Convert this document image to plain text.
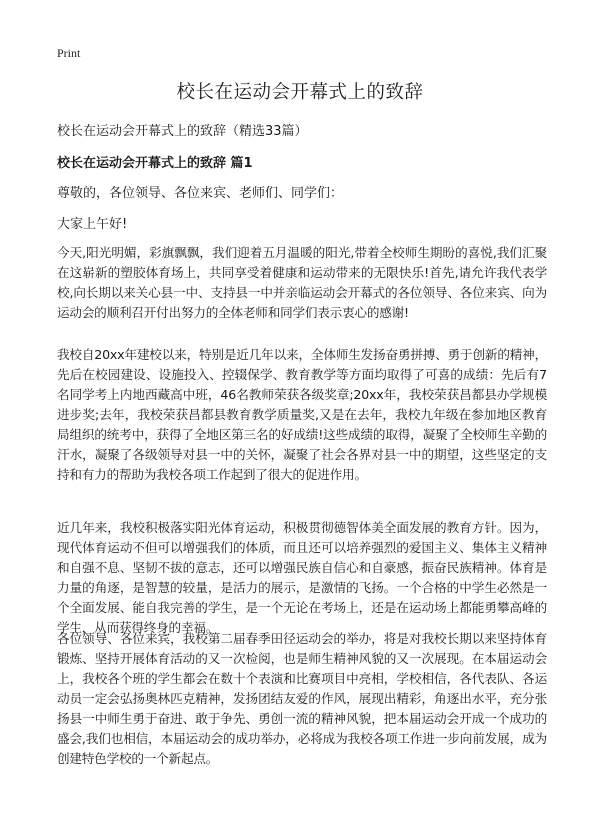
Print
校长在运动会开幕式上的致辞

校长在运动会开幕式上的致辞（精选33篇）

校长在运动会开幕式上的致辞 篇1

尊敬的，各位领导、各位来宾、老师们、同学们：

大家上午好!

今天,阳光明媚，彩旗飘飘，我们迎着五月温暖的阳光,带着全校师生期盼的喜悦,我们汇聚在这崭新的塑胶体育场上，共同享受着健康和运动带来的无限快乐!首先,请允许我代表学校,向长期以来关心县一中、支持县一中并亲临运动会开幕式的各位领导、各位来宾、向为运动会的顺利召开付出努力的全体老师和同学们表示衷心的感谢!

我校自20xx年建校以来，特别是近几年以来，全体师生发扬奋勇拼搏、勇于创新的精神，先后在校园建设、设施投入、控辍保学、教育教学等方面均取得了可喜的成绩：先后有7名同学考上内地西藏高中班，46名教师荣获各级奖章;20xx年，我校荣获昌都县办学规模进步奖;去年，我校荣获昌都县教育教学质量奖,又是在去年，我校九年级在参加地区教育局组织的统考中，获得了全地区第三名的好成绩!这些成绩的取得，凝聚了全校师生辛勤的汗水，凝聚了各级领导对县一中的关怀，凝聚了社会各界对县一中的期望，这些坚定的支持和有力的帮助为我校各项工作起到了很大的促进作用。

近几年来，我校积极落实阳光体育运动，积极贯彻德智体美全面发展的教育方针。因为，现代体育运动不但可以增强我们的体质，而且还可以培养强烈的爱国主义、集体主义精神和自强不息、坚韧不拔的意志，还可以增强民族自信心和自豪感，振奋民族精神。体育是力量的角逐，是智慧的较量，是活力的展示，是激情的飞扬。一个合格的中学生必然是一个全面发展、能自我完善的学生，是一个无论在考场上，还是在运动场上都能勇攀高峰的学生，从而获得终身的幸福。

各位领导、各位来宾，我校第二届春季田径运动会的举办，将是对我校长期以来坚持体育锻炼、坚持开展体育活动的又一次检阅，也是师生精神风貌的又一次展现。在本届运动会上，我校各个班的学生都会在数十个表演和比赛项目中亮相，学校相信，各代表队、各运动员一定会弘扬奥林匹克精神，发扬团结友爱的作风，展现出精彩，角逐出水平，充分张扬县一中师生勇于奋进、敢于争先、勇创一流的精神风貌，把本届运动会开成一个成功的盛会,我们也相信，本届运动会的成功举办，必将成为我校各项工作进一步向前发展，成为创建特色学校的一个新起点。
